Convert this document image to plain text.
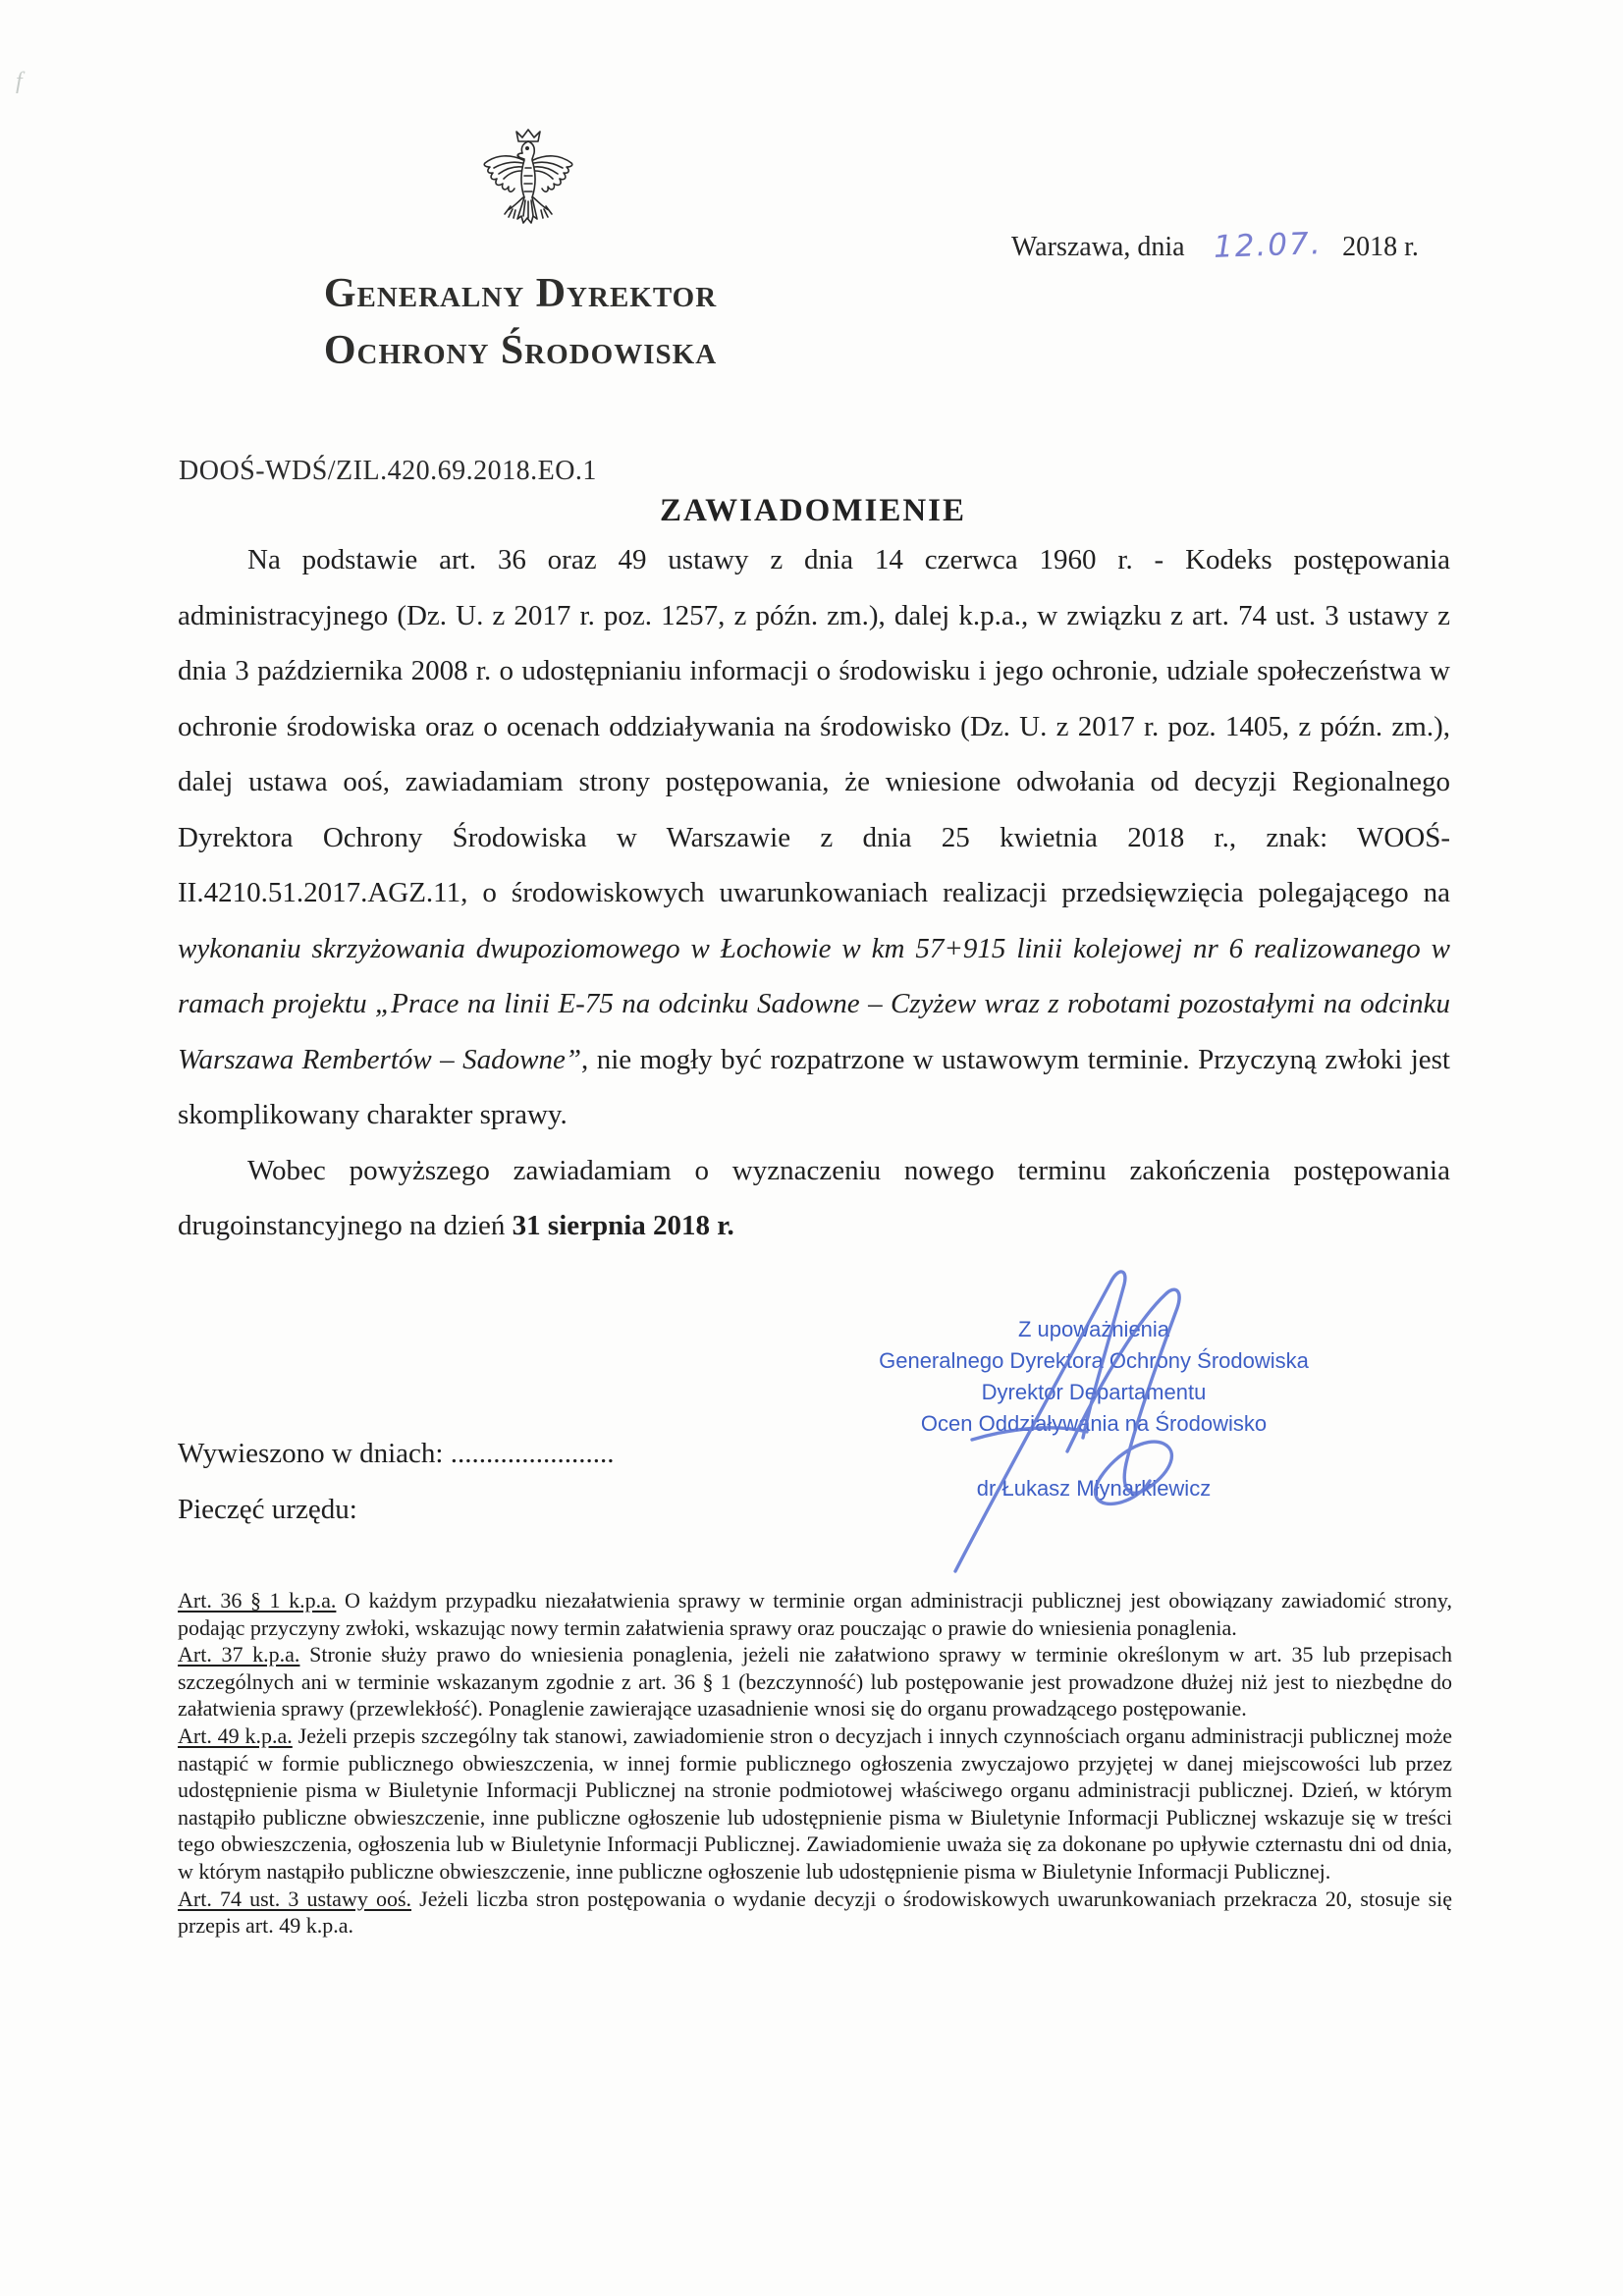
f
Generalny Dyrektor
Ochrony Środowiska
Warszawa, dnia 12.07. 2018 r.
DOOŚ-WDŚ/ZIL.420.69.2018.EO.1
ZAWIADOMIENIE

Na podstawie art. 36 oraz 49 ustawy z dnia 14 czerwca 1960 r. - Kodeks postępowania administracyjnego (Dz. U. z 2017 r. poz. 1257, z późn. zm.), dalej k.p.a., w związku z art. 74 ust. 3 ustawy z dnia 3 października 2008 r. o udostępnianiu informacji o środowisku i jego ochronie, udziale społeczeństwa w ochronie środowiska oraz o ocenach oddziaływania na środowisko (Dz. U. z 2017 r. poz. 1405, z późn. zm.), dalej ustawa ooś, zawiadamiam strony postępowania, że wniesione odwołania od decyzji Regionalnego Dyrektora Ochrony Środowiska w Warszawie z dnia 25 kwietnia 2018 r., znak: WOOŚ-II.4210.51.2017.AGZ.11, o środowiskowych uwarunkowaniach realizacji przedsięwzięcia polegającego na wykonaniu skrzyżowania dwupoziomowego w Łochowie w km 57+915 linii kolejowej nr 6 realizowanego w ramach projektu „Prace na linii E-75 na odcinku Sadowne – Czyżew wraz z robotami pozostałymi na odcinku Warszawa Rembertów – Sadowne”, nie mogły być rozpatrzone w ustawowym terminie. Przyczyną zwłoki jest skomplikowany charakter sprawy.

Wobec powyższego zawiadamiam o wyznaczeniu nowego terminu zakończenia postępowania drugoinstancyjnego na dzień 31 sierpnia 2018 r.

Wywieszono w dniach: .......................

Pieczęć urzędu:

Z upoważnienia
Generalnego Dyrektora Ochrony Środowiska
Dyrektor Departamentu
Ocen Oddziaływania na Środowisko
dr Łukasz Młynarkiewicz

Art. 36 § 1 k.p.a. O każdym przypadku niezałatwienia sprawy w terminie organ administracji publicznej jest obowiązany zawiadomić strony, podając przyczyny zwłoki, wskazując nowy termin załatwienia sprawy oraz pouczając o prawie do wniesienia ponaglenia.

Art. 37 k.p.a. Stronie służy prawo do wniesienia ponaglenia, jeżeli nie załatwiono sprawy w terminie określonym w art. 35 lub przepisach szczególnych ani w terminie wskazanym zgodnie z art. 36 § 1 (bezczynność) lub postępowanie jest prowadzone dłużej niż jest to niezbędne do załatwienia sprawy (przewlekłość). Ponaglenie zawierające uzasadnienie wnosi się do organu prowadzącego postępowanie.

Art. 49 k.p.a. Jeżeli przepis szczególny tak stanowi, zawiadomienie stron o decyzjach i innych czynnościach organu administracji publicznej może nastąpić w formie publicznego obwieszczenia, w innej formie publicznego ogłoszenia zwyczajowo przyjętej w danej miejscowości lub przez udostępnienie pisma w Biuletynie Informacji Publicznej na stronie podmiotowej właściwego organu administracji publicznej. Dzień, w którym nastąpiło publiczne obwieszczenie, inne publiczne ogłoszenie lub udostępnienie pisma w Biuletynie Informacji Publicznej wskazuje się w treści tego obwieszczenia, ogłoszenia lub w Biuletynie Informacji Publicznej. Zawiadomienie uważa się za dokonane po upływie czternastu dni od dnia, w którym nastąpiło publiczne obwieszczenie, inne publiczne ogłoszenie lub udostępnienie pisma w Biuletynie Informacji Publicznej.

Art. 74 ust. 3 ustawy ooś. Jeżeli liczba stron postępowania o wydanie decyzji o środowiskowych uwarunkowaniach przekracza 20, stosuje się przepis art. 49 k.p.a.
